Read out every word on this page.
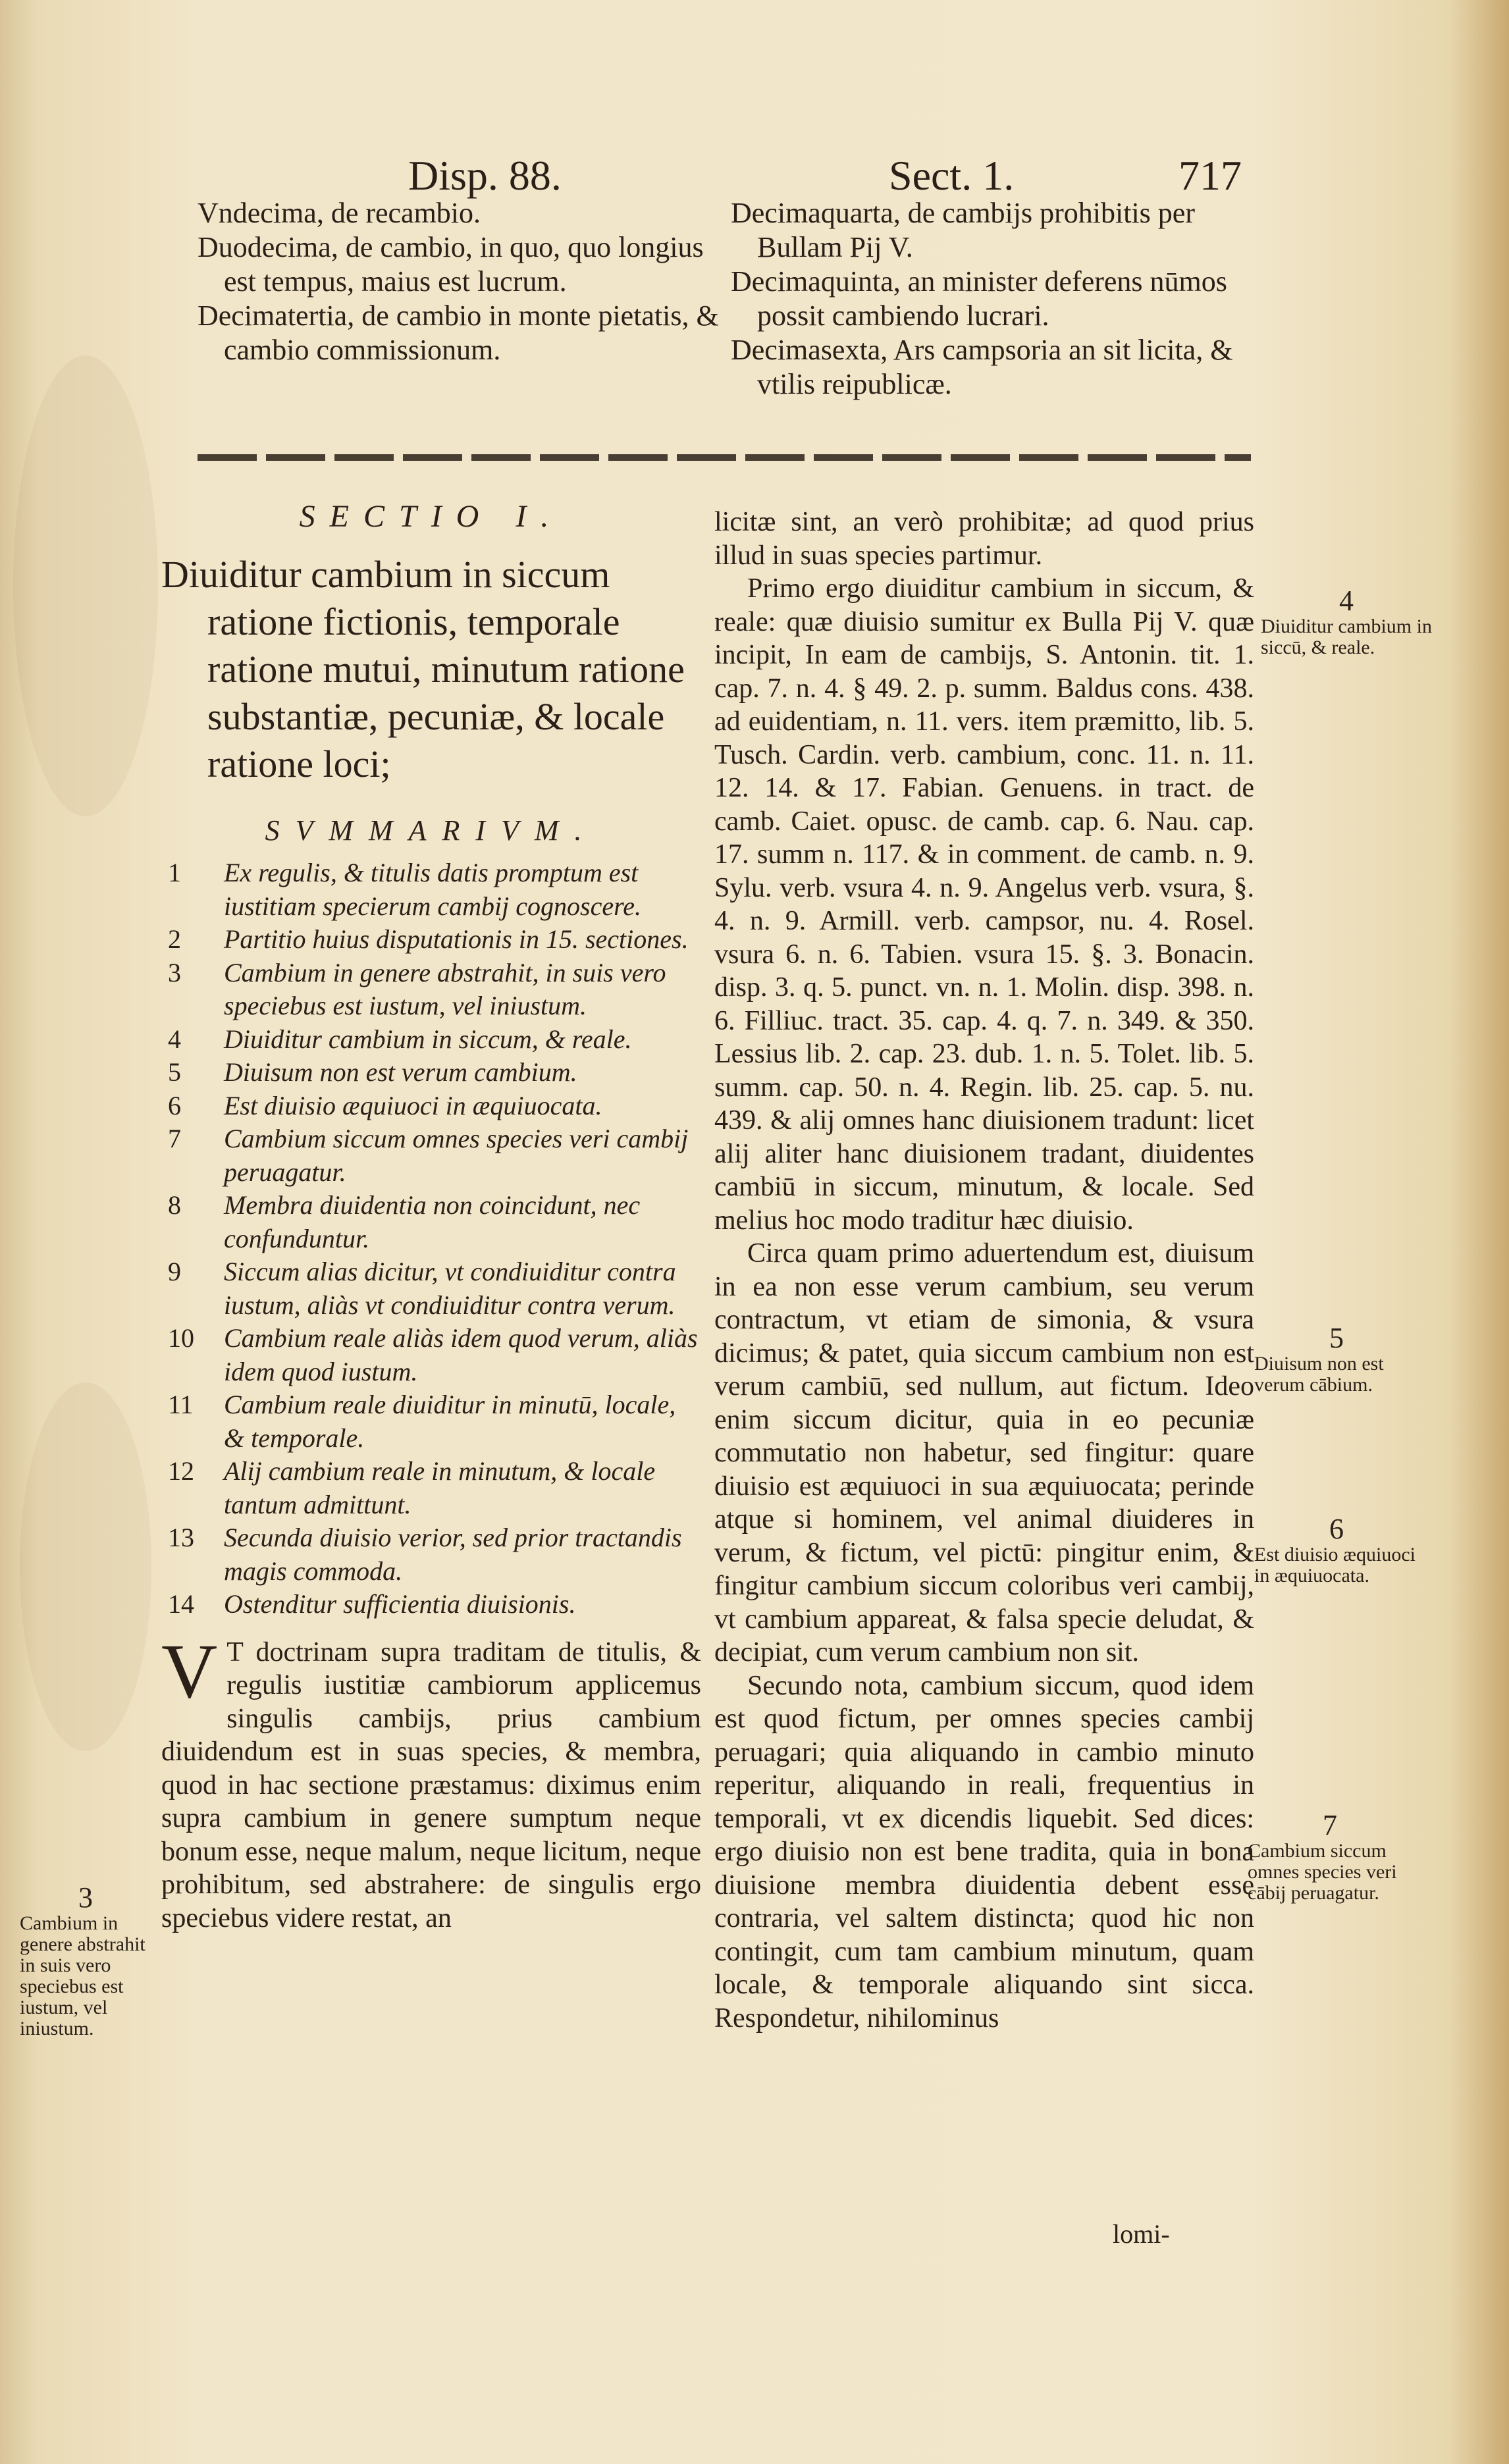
Disp. 88.	Sect. 1.	717
Vndecima, de recambio.
Duodecima, de cambio, in quo, quo longius est tempus, maius est lucrum.
Decimatertia, de cambio in monte pietatis, & cambio commissionum.
Decimaquarta, de cambijs prohibitis per Bullam Pij V.
Decimaquinta, an minister deferens nūmos possit cambiendo lucrari.
Decimasexta, Ars campsoria an sit licita, & vtilis reipublicæ.
SECTIO I.
Diuiditur cambium in siccum ratione fictionis, temporale ratione mutui, minutum ratione substantiæ, pecuniæ, & locale ratione loci;
SVMMARIVM.
1 Ex regulis, & titulis datis promptum est iustitiam specierum cambij cognoscere.
2 Partitio huius disputationis in 15. sectiones.
3 Cambium in genere abstrahit, in suis vero speciebus est iustum, vel iniustum.
4 Diuiditur cambium in siccum, & reale.
5 Diuisum non est verum cambium.
6 Est diuisio æquiuoci in æquiuocata.
7 Cambium siccum omnes species veri cambij peruagatur.
8 Membra diuidentia non coincidunt, nec confunduntur.
9 Siccum alias dicitur, vt condiuiditur contra iustum, aliàs vt condiuiditur contra verum.
10 Cambium reale aliàs idem quod verum, aliàs idem quod iustum.
11 Cambium reale diuiditur in minutū, locale, & temporale.
12 Alij cambium reale in minutum, & locale tantum admittunt.
13 Secunda diuisio verior, sed prior tractandis magis commoda.
14 Ostenditur sufficientia diuisionis.
V T doctrinam supra traditam de titulis, & regulis iustitiæ cambiorum applicemus singulis cambijs, prius cambium diuidendum est in suas species, & membra, quod in hac sectione præstamus: diximus enim supra cambium in genere sumptum neque bonum esse, neque malum, neque licitum, neque prohibitum, sed abstrahere: de singulis ergo speciebus videre restat, an
licitæ sint, an verò prohibitæ; ad quod prius illud in suas species partimur.
Primo ergo diuiditur cambium in siccum, & reale: quæ diuisio sumitur ex Bulla Pij V. quæ incipit, In eam de cambijs, S. Antonin. tit. 1. cap. 7. n. 4. § 49. 2. p. summ. Baldus cons. 438. ad euidentiam, n. 11. vers. item præmitto, lib. 5. Tusch. Cardin. verb. cambium, conc. 11. n. 11. 12. 14. & 17. Fabian. Genuens. in tract. de camb. Caiet. opusc. de camb. cap. 6. Nau. cap. 17. summ n. 117. & in comment. de camb. n. 9. Sylu. verb. vsura 4. n. 9. Angelus verb. vsura, §. 4. n. 9. Armill. verb. campsor, nu. 4. Rosel. vsura 6. n. 6. Tabien. vsura 15. §. 3. Bonacin. disp. 3. q. 5. punct. vn. n. 1. Molin. disp. 398. n. 6. Filliuc. tract. 35. cap. 4. q. 7. n. 349. & 350. Lessius lib. 2. cap. 23. dub. 1. n. 5. Tolet. lib. 5. summ. cap. 50. n. 4. Regin. lib. 25. cap. 5. nu. 439. & alij omnes hanc diuisionem tradunt: licet alij aliter hanc diuisionem tradant, diuidentes cambiū in siccum, minutum, & locale. Sed melius hoc modo traditur hæc diuisio.
Circa quam primo aduertendum est, diuisum in ea non esse verum cambium, seu verum contractum, vt etiam de simonia, & vsura dicimus; & patet, quia siccum cambium non est verum cambiū, sed nullum, aut fictum. Ideo enim siccum dicitur, quia in eo pecuniæ commutatio non habetur, sed fingitur: quare diuisio est æquiuoci in sua æquiuocata; perinde atque si hominem, vel animal diuideres in verum, & fictum, vel pictū: pingitur enim, & fingitur cambium siccum coloribus veri cambij, vt cambium appareat, & falsa specie deludat, & decipiat, cum verum cambium non sit.
Secundo nota, cambium siccum, quod idem est quod fictum, per omnes species cambij peruagari; quia aliquando in cambio minuto reperitur, aliquando in reali, frequentius in temporali, vt ex dicendis liquebit. Sed dices: ergo diuisio non est bene tradita, quia in bona diuisione membra diuidentia debent esse contraria, vel saltem distincta; quod hic non contingit, cum tam cambium minutum, quam locale, & temporale aliquando sint sicca. Respondetur, nihilominus
lomi-
4
Diuiditur cambium in siccū, & reale.
5
Diuisum non est verum cābium.
6
Est diuisio æquiuoci in æquiuocata.
7
Cambium siccum omnes species veri cābij peruagatur.
3
Cambium in genere abstrahit in suis vero speciebus est iustum, vel iniustum.
